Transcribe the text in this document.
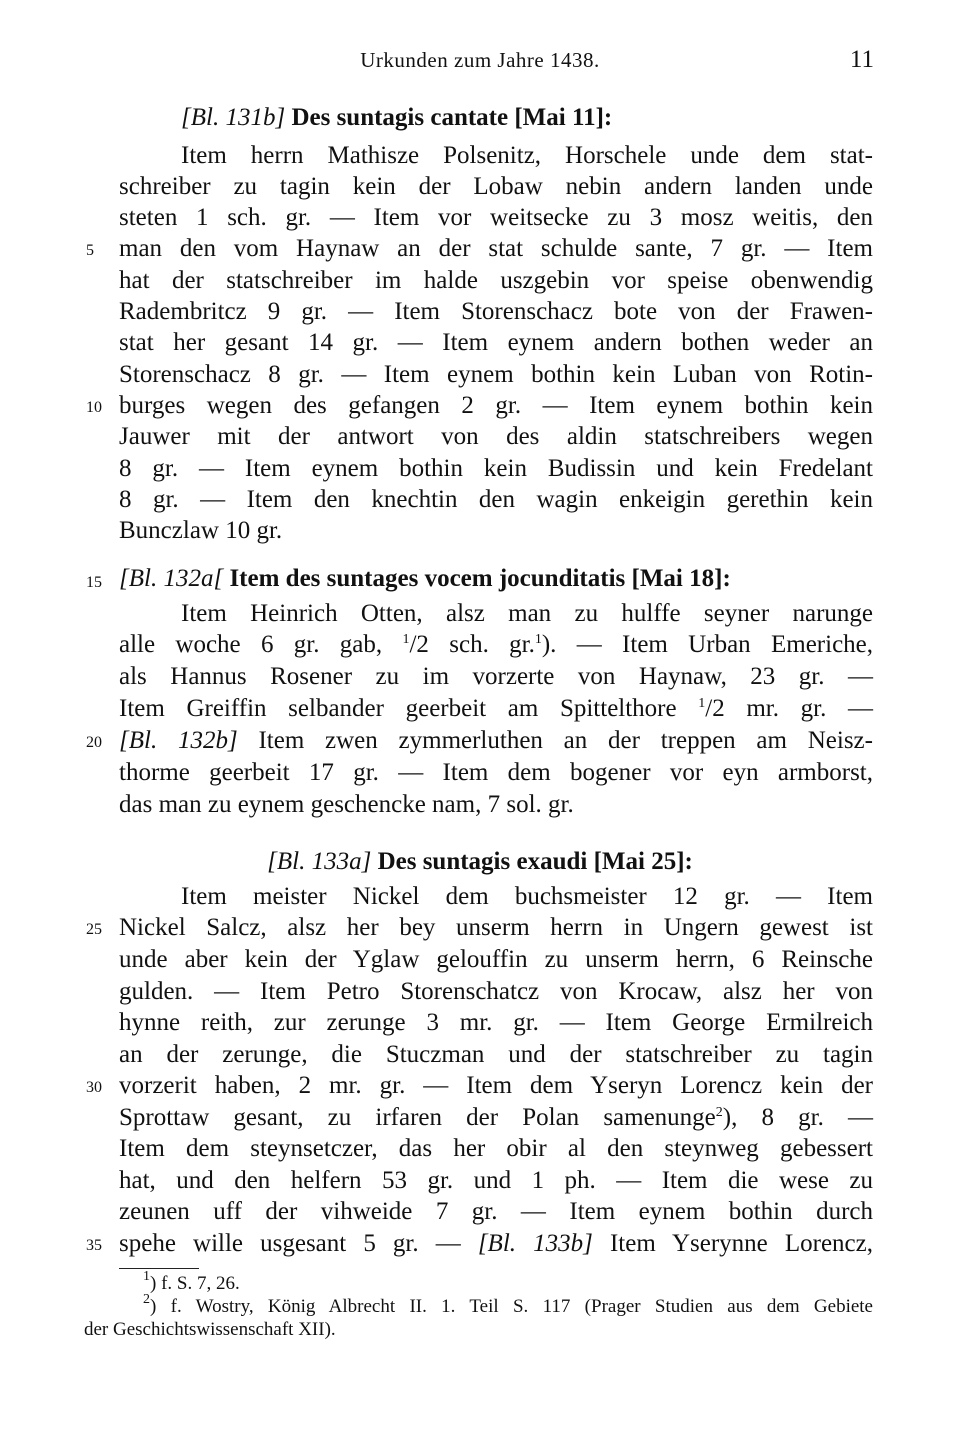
Urkunden zum Jahre 1438.	11
[Bl. 131b] Des suntagis cantate [Mai 11]:
Item herrn Mathisze Polsenitz, Horschele unde dem stat-
schreiber zu tagin kein der Lobaw nebin andern landen unde
steten 1 sch. gr. — Item vor weitsecke zu 3 mosz weitis, den
man den vom Haynaw an der stat schulde sante, 7 gr. — Item
hat der statschreiber im halde uszgebin vor speise obenwendig
Radembritcz 9 gr. — Item Storenschacz bote von der Frawen-
stat her gesant 14 gr. — Item eynem andern bothen weder an
Storenschacz 8 gr. — Item eynem bothin kein Luban von Rotin-
burges wegen des gefangen 2 gr. — Item eynem bothin kein
Jauwer mit der antwort von des aldin statschreibers wegen
8 gr. — Item eynem bothin kein Budissin und kein Fredelant
8 gr. — Item den knechtin den wagin enkeigin gerethin kein
Bunczlaw 10 gr.
[Bl. 132a[ Item des suntages vocem jocunditatis [Mai 18]:
Item Heinrich Otten, alsz man zu hulffe seyner narunge
alle woche 6 gr. gab, $^1$/2 sch. gr.$^1$). — Item Urban Emeriche,
als Hannus Rosener zu im vorzerte von Haynaw, 23 gr. —
Item Greiffin selbander geerbeit am Spittelthore $^1$/2 mr. gr. —
[Bl. 132b] Item zwen zymmerluthen an der treppen am Neisz-
thorme geerbeit 17 gr. — Item dem bogener vor eyn armborst,
das man zu eynem geschencke nam, 7 sol. gr.
[Bl. 133a] Des suntagis exaudi [Mai 25]:
Item meister Nickel dem buchsmeister 12 gr. — Item
Nickel Salcz, alsz her bey unserm herrn in Ungern gewest ist
unde aber kein der Yglaw gelouffin zu unserm herrn, 6 Reinsche
gulden. — Item Petro Storenschatcz von Krocaw, alsz her von
hynne reith, zur zerunge 3 mr. gr. — Item George Ermilreich
an der zerunge, die Stuczman und der statschreiber zu tagin
vorzerit haben, 2 mr. gr. — Item dem Yseryn Lorencz kein der
Sprottaw gesant, zu irfaren der Polan samenunge$^2$), 8 gr. —
Item dem steynsetczer, das her obir al den steynweg gebessert
hat, und den helfern 53 gr. und 1 ph. — Item die wese zu
zeunen uff der vihweide 7 gr. — Item eynem bothin durch
spehe wille usgesant 5 gr. — [Bl. 133b] Item Yserynne Lorencz,
5
10
15
20
25
30
35
$^1$) f. S. 7, 26.
$^2$) f. Wostry, König Albrecht II. 1. Teil S. 117 (Prager Studien aus dem Gebiete
der Geschichtswissenschaft XII).
